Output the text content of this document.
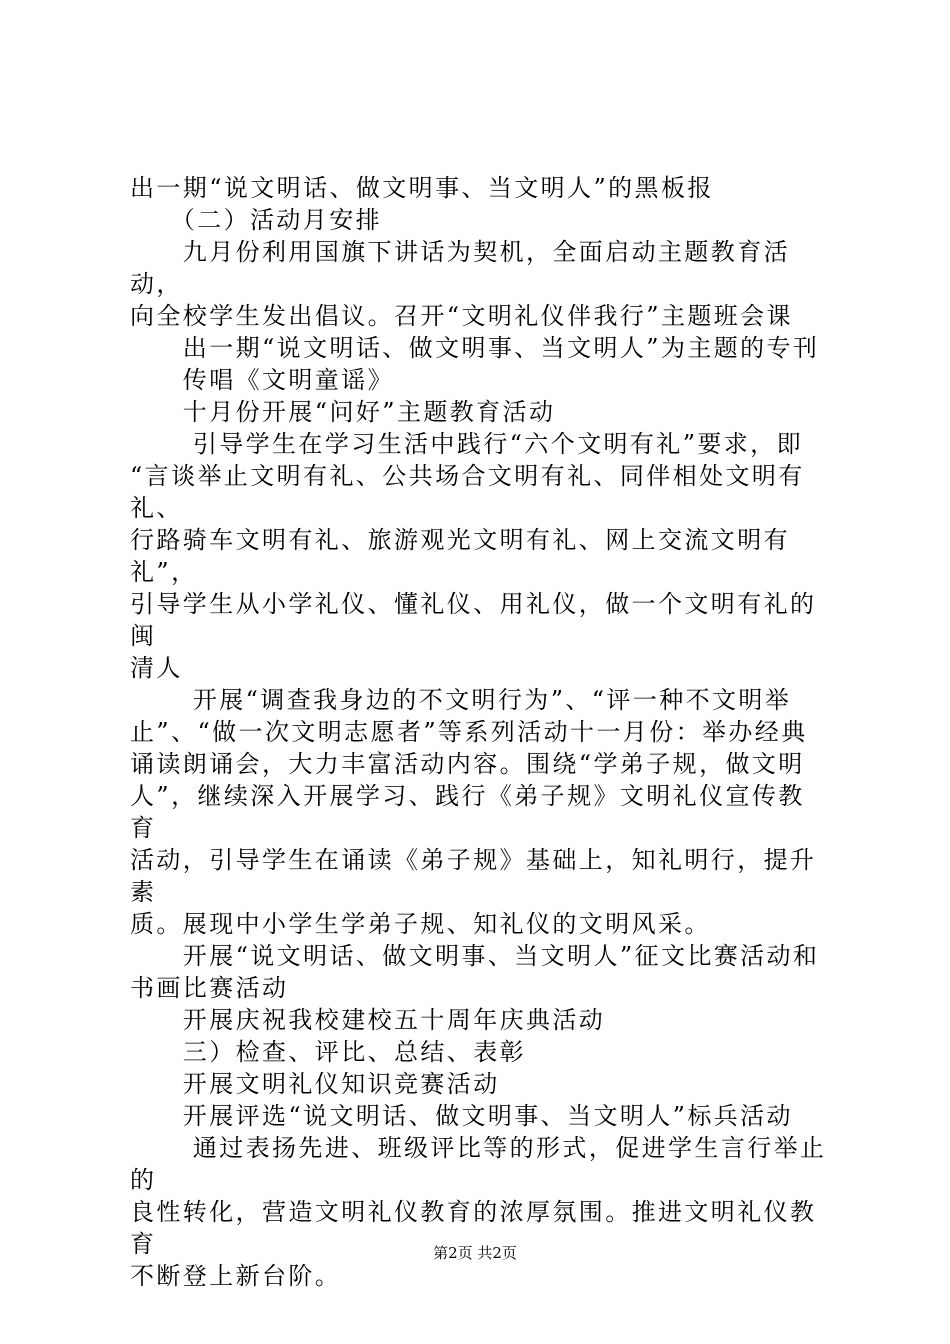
出一期“说文明话、做文明事、当文明人”的黑板报

　　（二）活动月安排

　　九月份利用国旗下讲话为契机，全面启动主题教育活动，

向全校学生发出倡议。召开“文明礼仪伴我行”主题班会课

　　出一期“说文明话、做文明事、当文明人”为主题的专刊

　　传唱《文明童谣》

　　十月份开展“问好”主题教育活动

　　 引导学生在学习生活中践行“六个文明有礼”要求，即

“言谈举止文明有礼、公共场合文明有礼、同伴相处文明有礼、

行路骑车文明有礼、旅游观光文明有礼、网上交流文明有礼”，

引导学生从小学礼仪、懂礼仪、用礼仪，做一个文明有礼的闽

清人

　　 开展“调查我身边的不文明行为”、“评一种不文明举

止”、“做一次文明志愿者”等系列活动十一月份：举办经典

诵读朗诵会，大力丰富活动内容。围绕“学弟子规，做文明

人”，继续深入开展学习、践行《弟子规》文明礼仪宣传教育

活动，引导学生在诵读《弟子规》基础上，知礼明行，提升素

质。展现中小学生学弟子规、知礼仪的文明风采。

　　开展“说文明话、做文明事、当文明人”征文比赛活动和

书画比赛活动

　　开展庆祝我校建校五十周年庆典活动

　　三）检查、评比、总结、表彰

　　开展文明礼仪知识竞赛活动

　　开展评选“说文明话、做文明事、当文明人”标兵活动

　　 通过表扬先进、班级评比等的形式，促进学生言行举止的

良性转化，营造文明礼仪教育的浓厚氛围。推进文明礼仪教育

不断登上新台阶。

第2页 共2页
